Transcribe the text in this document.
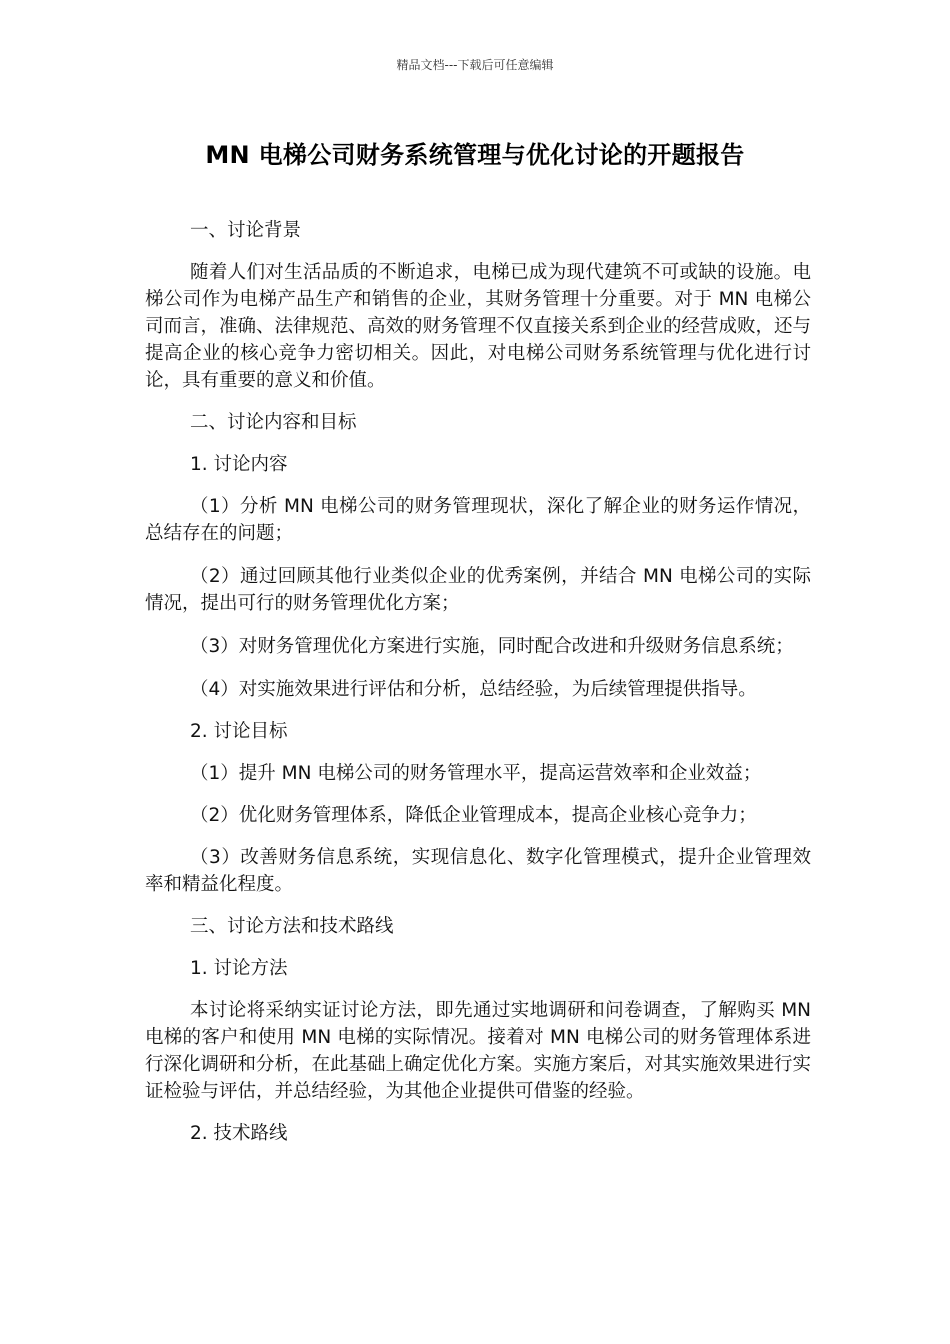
精品文档---下载后可任意编辑
MN 电梯公司财务系统管理与优化讨论的开题报告

一、讨论背景

随着人们对生活品质的不断追求，电梯已成为现代建筑不可或缺的设施。电梯公司作为电梯产品生产和销售的企业，其财务管理十分重要。对于 MN 电梯公司而言，准确、法律规范、高效的财务管理不仅直接关系到企业的经营成败，还与提高企业的核心竞争力密切相关。因此，对电梯公司财务系统管理与优化进行讨论，具有重要的意义和价值。

二、讨论内容和目标

1. 讨论内容

（1）分析 MN 电梯公司的财务管理现状，深化了解企业的财务运作情况，总结存在的问题；

（2）通过回顾其他行业类似企业的优秀案例，并结合 MN 电梯公司的实际情况，提出可行的财务管理优化方案；

（3）对财务管理优化方案进行实施，同时配合改进和升级财务信息系统；

（4）对实施效果进行评估和分析，总结经验，为后续管理提供指导。

2. 讨论目标

（1）提升 MN 电梯公司的财务管理水平，提高运营效率和企业效益；

（2）优化财务管理体系，降低企业管理成本，提高企业核心竞争力；

（3）改善财务信息系统，实现信息化、数字化管理模式，提升企业管理效率和精益化程度。

三、讨论方法和技术路线

1. 讨论方法

本讨论将采纳实证讨论方法，即先通过实地调研和问卷调查，了解购买 MN 电梯的客户和使用 MN 电梯的实际情况。接着对 MN 电梯公司的财务管理体系进行深化调研和分析，在此基础上确定优化方案。实施方案后，对其实施效果进行实证检验与评估，并总结经验，为其他企业提供可借鉴的经验。

2. 技术路线
